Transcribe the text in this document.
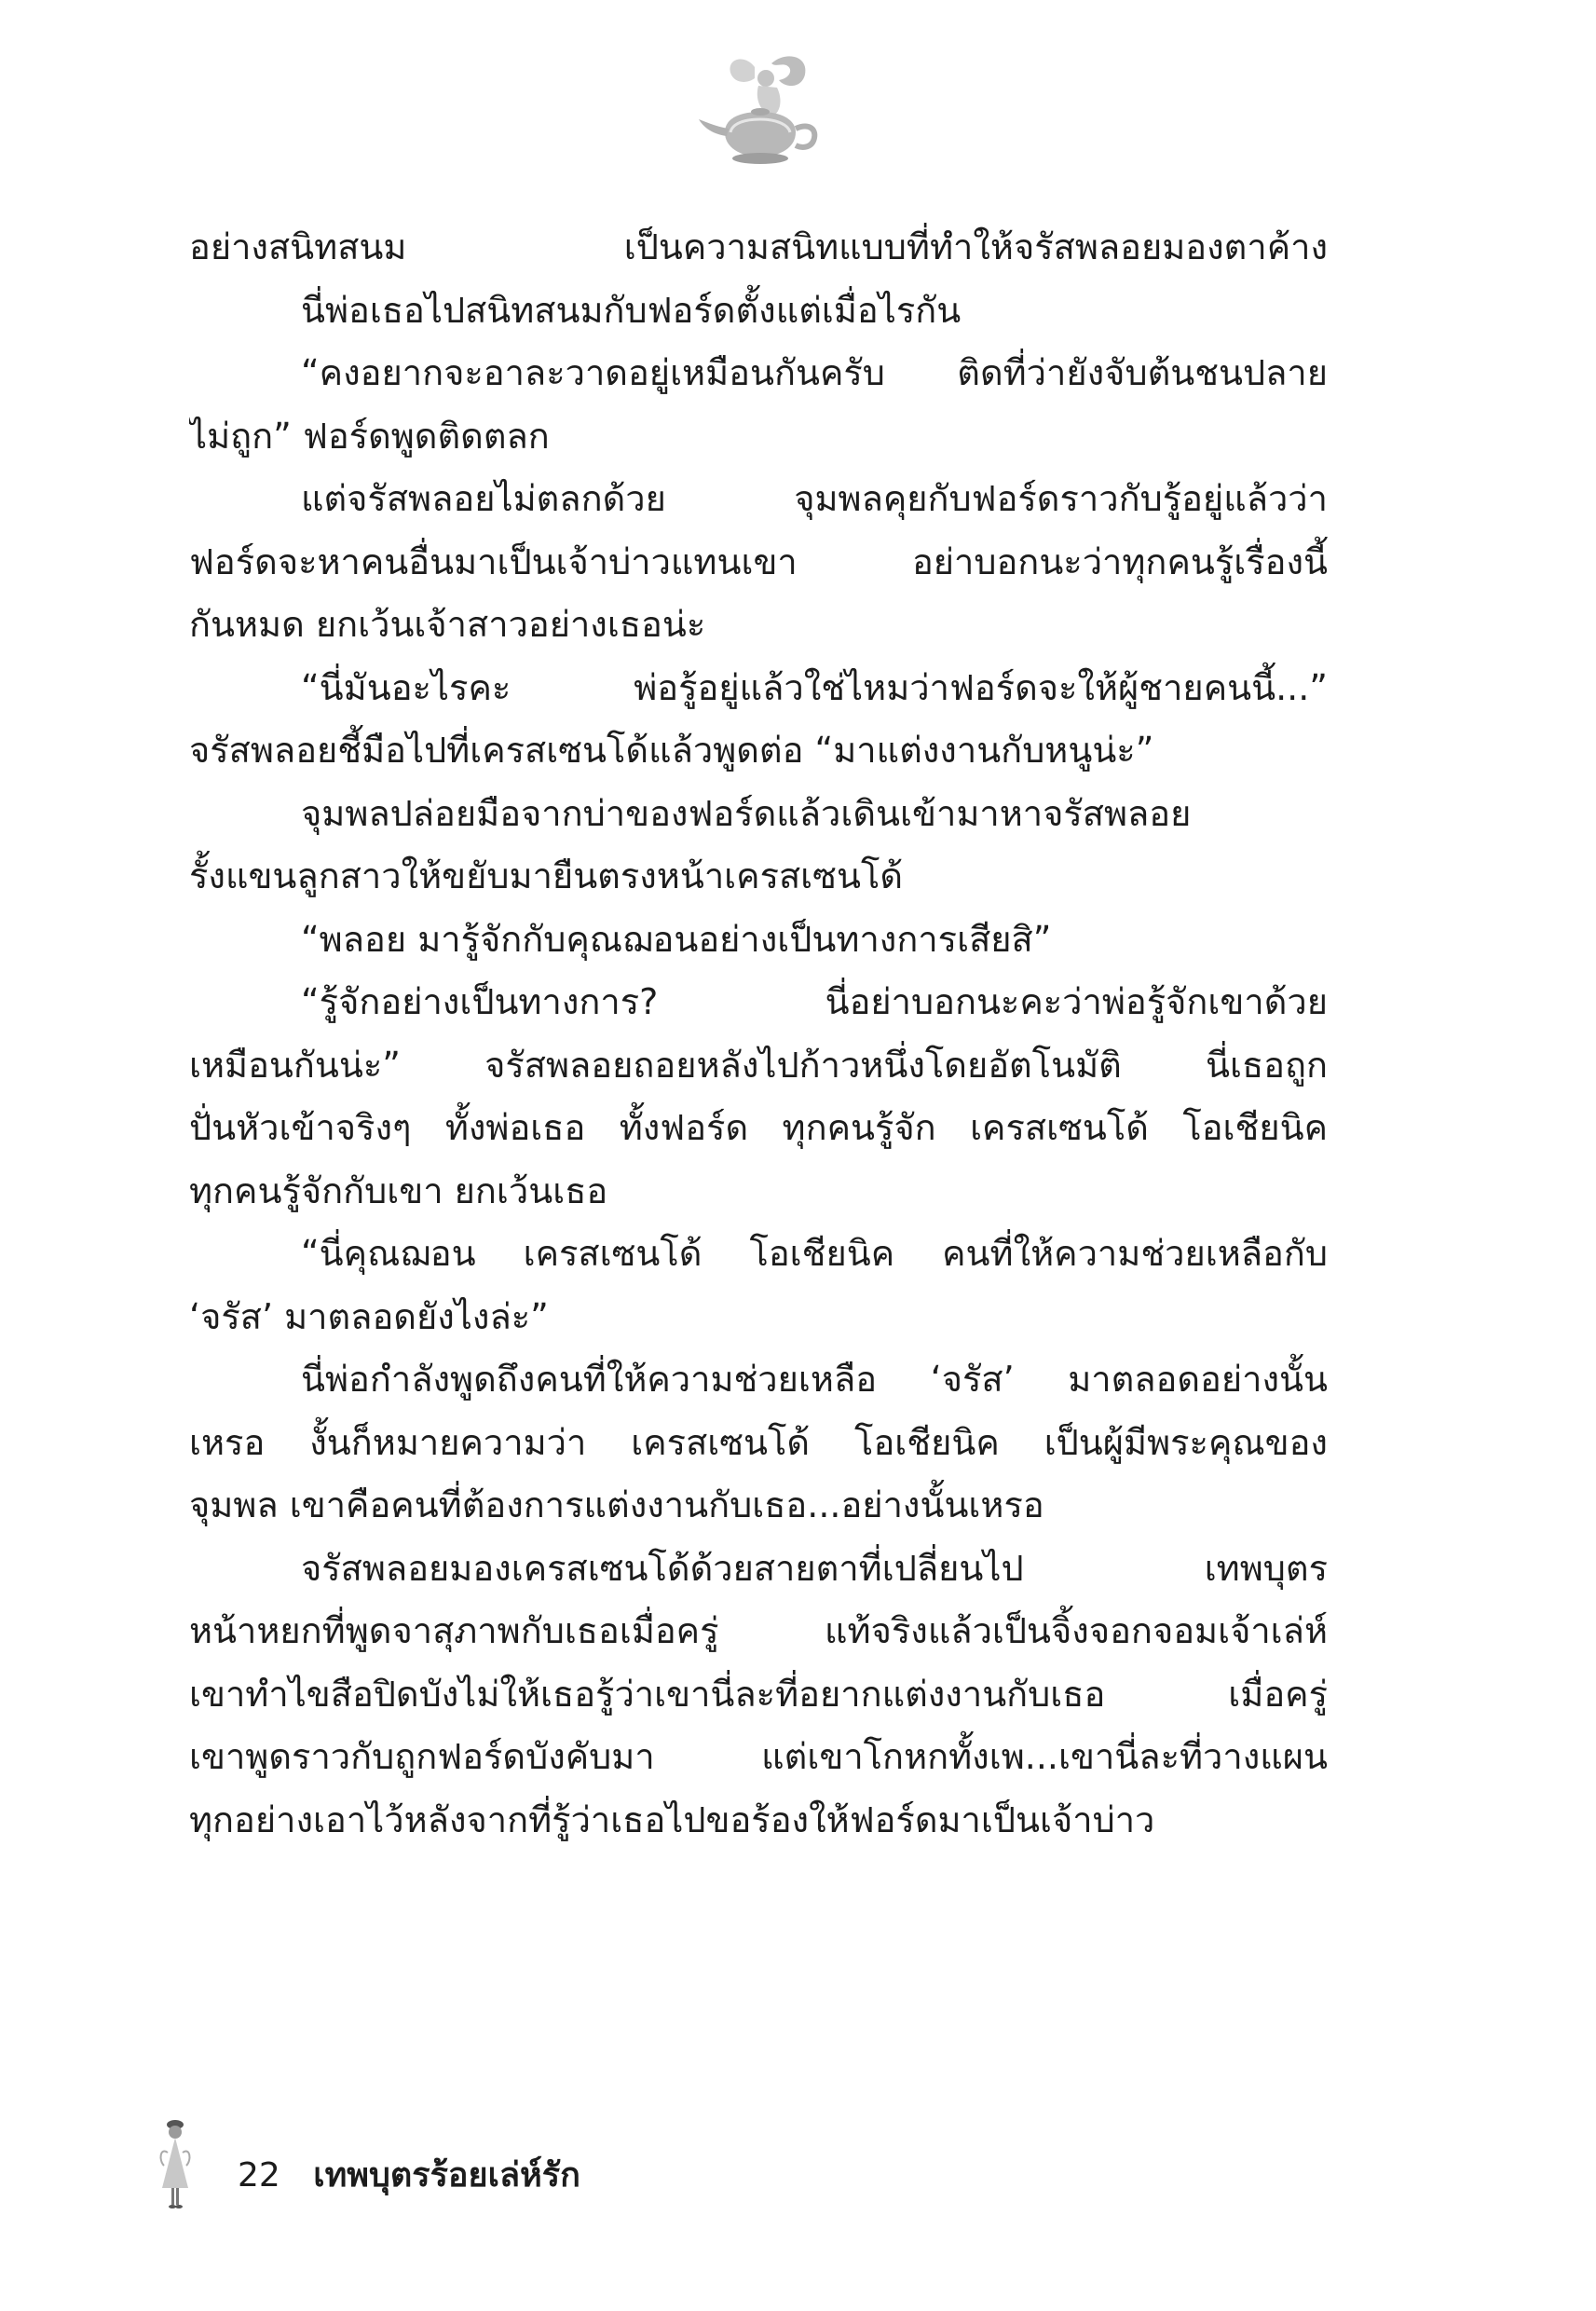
อย่างสนิทสนม เป็นความสนิทแบบที่ทำให้จรัสพลอยมองตาค้าง
นี่พ่อเธอไปสนิทสนมกับฟอร์ดตั้งแต่เมื่อไรกัน
“คงอยากจะอาละวาดอยู่เหมือนกันครับ ติดที่ว่ายังจับต้นชนปลาย
ไม่ถูก” ฟอร์ดพูดติดตลก
แต่จรัสพลอยไม่ตลกด้วย จุมพลคุยกับฟอร์ดราวกับรู้อยู่แล้วว่า
ฟอร์ดจะหาคนอื่นมาเป็นเจ้าบ่าวแทนเขา อย่าบอกนะว่าทุกคนรู้เรื่องนี้
กันหมด ยกเว้นเจ้าสาวอย่างเธอน่ะ
“นี่มันอะไรคะ พ่อรู้อยู่แล้วใช่ไหมว่าฟอร์ดจะให้ผู้ชายคนนี้...”
จรัสพลอยชี้มือไปที่เครสเซนโด้แล้วพูดต่อ “มาแต่งงานกับหนูน่ะ”
จุมพลปล่อยมือจากบ่าของฟอร์ดแล้วเดินเข้ามาหาจรัสพลอย
รั้งแขนลูกสาวให้ขยับมายืนตรงหน้าเครสเซนโด้
“พลอย มารู้จักกับคุณฌอนอย่างเป็นทางการเสียสิ”
“รู้จักอย่างเป็นทางการ? นี่อย่าบอกนะคะว่าพ่อรู้จักเขาด้วย
เหมือนกันน่ะ” จรัสพลอยถอยหลังไปก้าวหนึ่งโดยอัตโนมัติ นี่เธอถูก
ปั่นหัวเข้าจริงๆ ทั้งพ่อเธอ ทั้งฟอร์ด ทุกคนรู้จัก เครสเซนโด้ โอเชียนิค
ทุกคนรู้จักกับเขา ยกเว้นเธอ
“นี่คุณฌอน เครสเซนโด้ โอเชียนิค คนที่ให้ความช่วยเหลือกับ
‘จรัส’ มาตลอดยังไงล่ะ”
นี่พ่อกำลังพูดถึงคนที่ให้ความช่วยเหลือ ‘จรัส’ มาตลอดอย่างนั้น
เหรอ งั้นก็หมายความว่า เครสเซนโด้ โอเชียนิค เป็นผู้มีพระคุณของ
จุมพล เขาคือคนที่ต้องการแต่งงานกับเธอ...อย่างนั้นเหรอ
จรัสพลอยมองเครสเซนโด้ด้วยสายตาที่เปลี่ยนไป เทพบุตร
หน้าหยกที่พูดจาสุภาพกับเธอเมื่อครู่ แท้จริงแล้วเป็นจิ้งจอกจอมเจ้าเล่ห์
เขาทำไขสือปิดบังไม่ให้เธอรู้ว่าเขานี่ละที่อยากแต่งงานกับเธอ เมื่อครู่
เขาพูดราวกับถูกฟอร์ดบังคับมา แต่เขาโกหกทั้งเพ...เขานี่ละที่วางแผน
ทุกอย่างเอาไว้หลังจากที่รู้ว่าเธอไปขอร้องให้ฟอร์ดมาเป็นเจ้าบ่าว
22 เทพบุตรร้อยเล่ห์รัก
